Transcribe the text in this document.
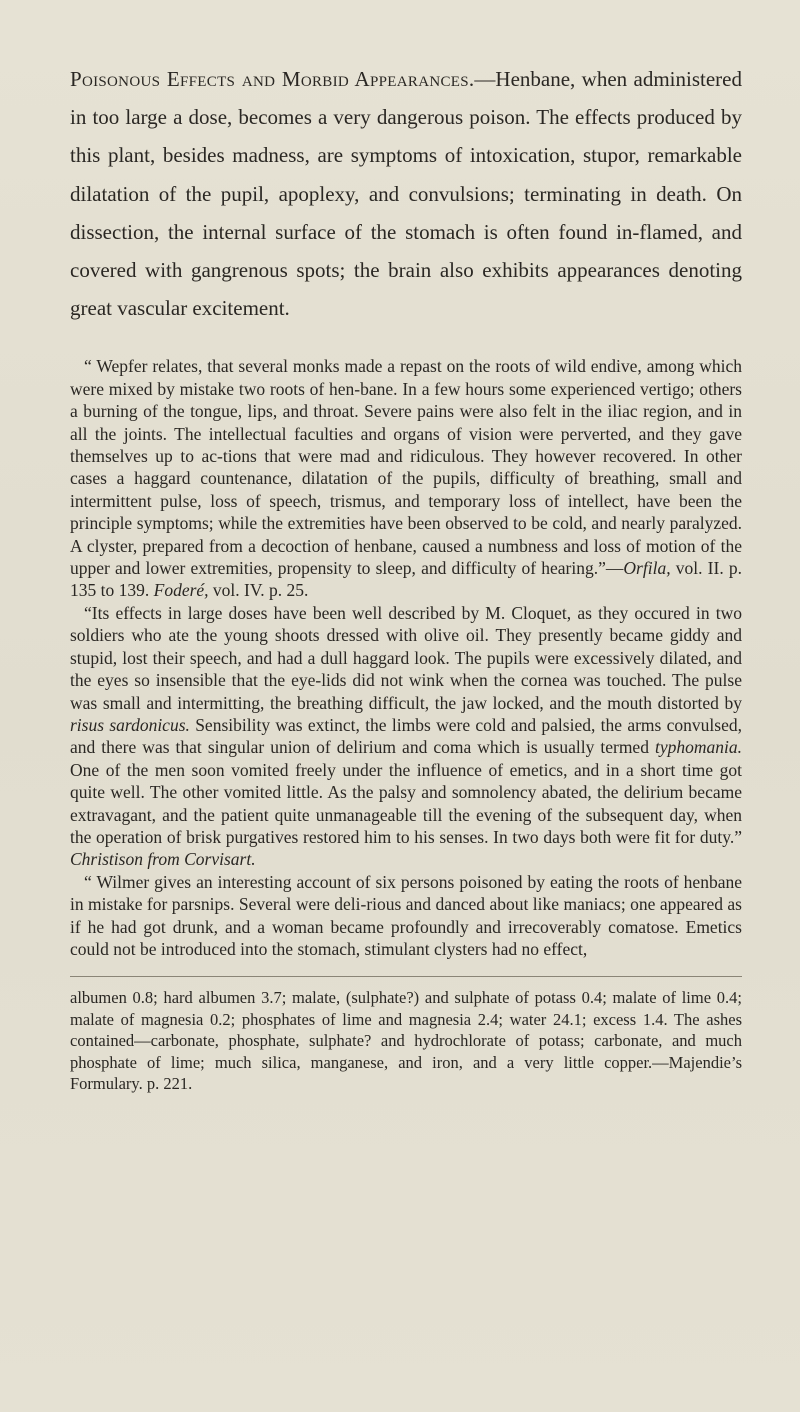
Poisonous Effects and Morbid Appearances.—Henbane, when administered in too large a dose, becomes a very dangerous poison. The effects produced by this plant, besides madness, are symptoms of intoxication, stupor, remarkable dilatation of the pupil, apoplexy, and convulsions; terminating in death. On dissection, the internal surface of the stomach is often found in-flamed, and covered with gangrenous spots; the brain also exhibits appearances denoting great vascular excitement.

“ Wepfer relates, that several monks made a repast on the roots of wild endive, among which were mixed by mistake two roots of hen-bane. In a few hours some experienced vertigo; others a burning of the tongue, lips, and throat. Severe pains were also felt in the iliac region, and in all the joints. The intellectual faculties and organs of vision were perverted, and they gave themselves up to ac-tions that were mad and ridiculous. They however recovered. In other cases a haggard countenance, dilatation of the pupils, difficulty of breathing, small and intermittent pulse, loss of speech, trismus, and temporary loss of intellect, have been the principle symptoms; while the extremities have been observed to be cold, and nearly paralyzed. A clyster, prepared from a decoction of henbane, caused a numbness and loss of motion of the upper and lower extremities, propensity to sleep, and difficulty of hearing.”—Orfila, vol. II. p. 135 to 139. Foderé, vol. IV. p. 25.

“Its effects in large doses have been well described by M. Cloquet, as they occured in two soldiers who ate the young shoots dressed with olive oil. They presently became giddy and stupid, lost their speech, and had a dull haggard look. The pupils were excessively dilated, and the eyes so insensible that the eye-lids did not wink when the cornea was touched. The pulse was small and intermitting, the breathing difficult, the jaw locked, and the mouth distorted by risus sardonicus. Sensibility was extinct, the limbs were cold and palsied, the arms convulsed, and there was that singular union of delirium and coma which is usually termed typhomania. One of the men soon vomited freely under the influence of emetics, and in a short time got quite well. The other vomited little. As the palsy and somnolency abated, the delirium became extravagant, and the patient quite unmanageable till the evening of the subsequent day, when the operation of brisk purgatives restored him to his senses. In two days both were fit for duty.” Christison from Corvisart.

“ Wilmer gives an interesting account of six persons poisoned by eating the roots of henbane in mistake for parsnips. Several were deli-rious and danced about like maniacs; one appeared as if he had got drunk, and a woman became profoundly and irrecoverably comatose. Emetics could not be introduced into the stomach, stimulant clysters had no effect,

albumen 0.8; hard albumen 3.7; malate, (sulphate?) and sulphate of potass 0.4; malate of lime 0.4; malate of magnesia 0.2; phosphates of lime and magnesia 2.4; water 24.1; excess 1.4. The ashes contained—carbonate, phosphate, sulphate? and hydrochlorate of potass; carbonate, and much phosphate of lime; much silica, manganese, and iron, and a very little copper.—Majendie’s Formulary. p. 221.
